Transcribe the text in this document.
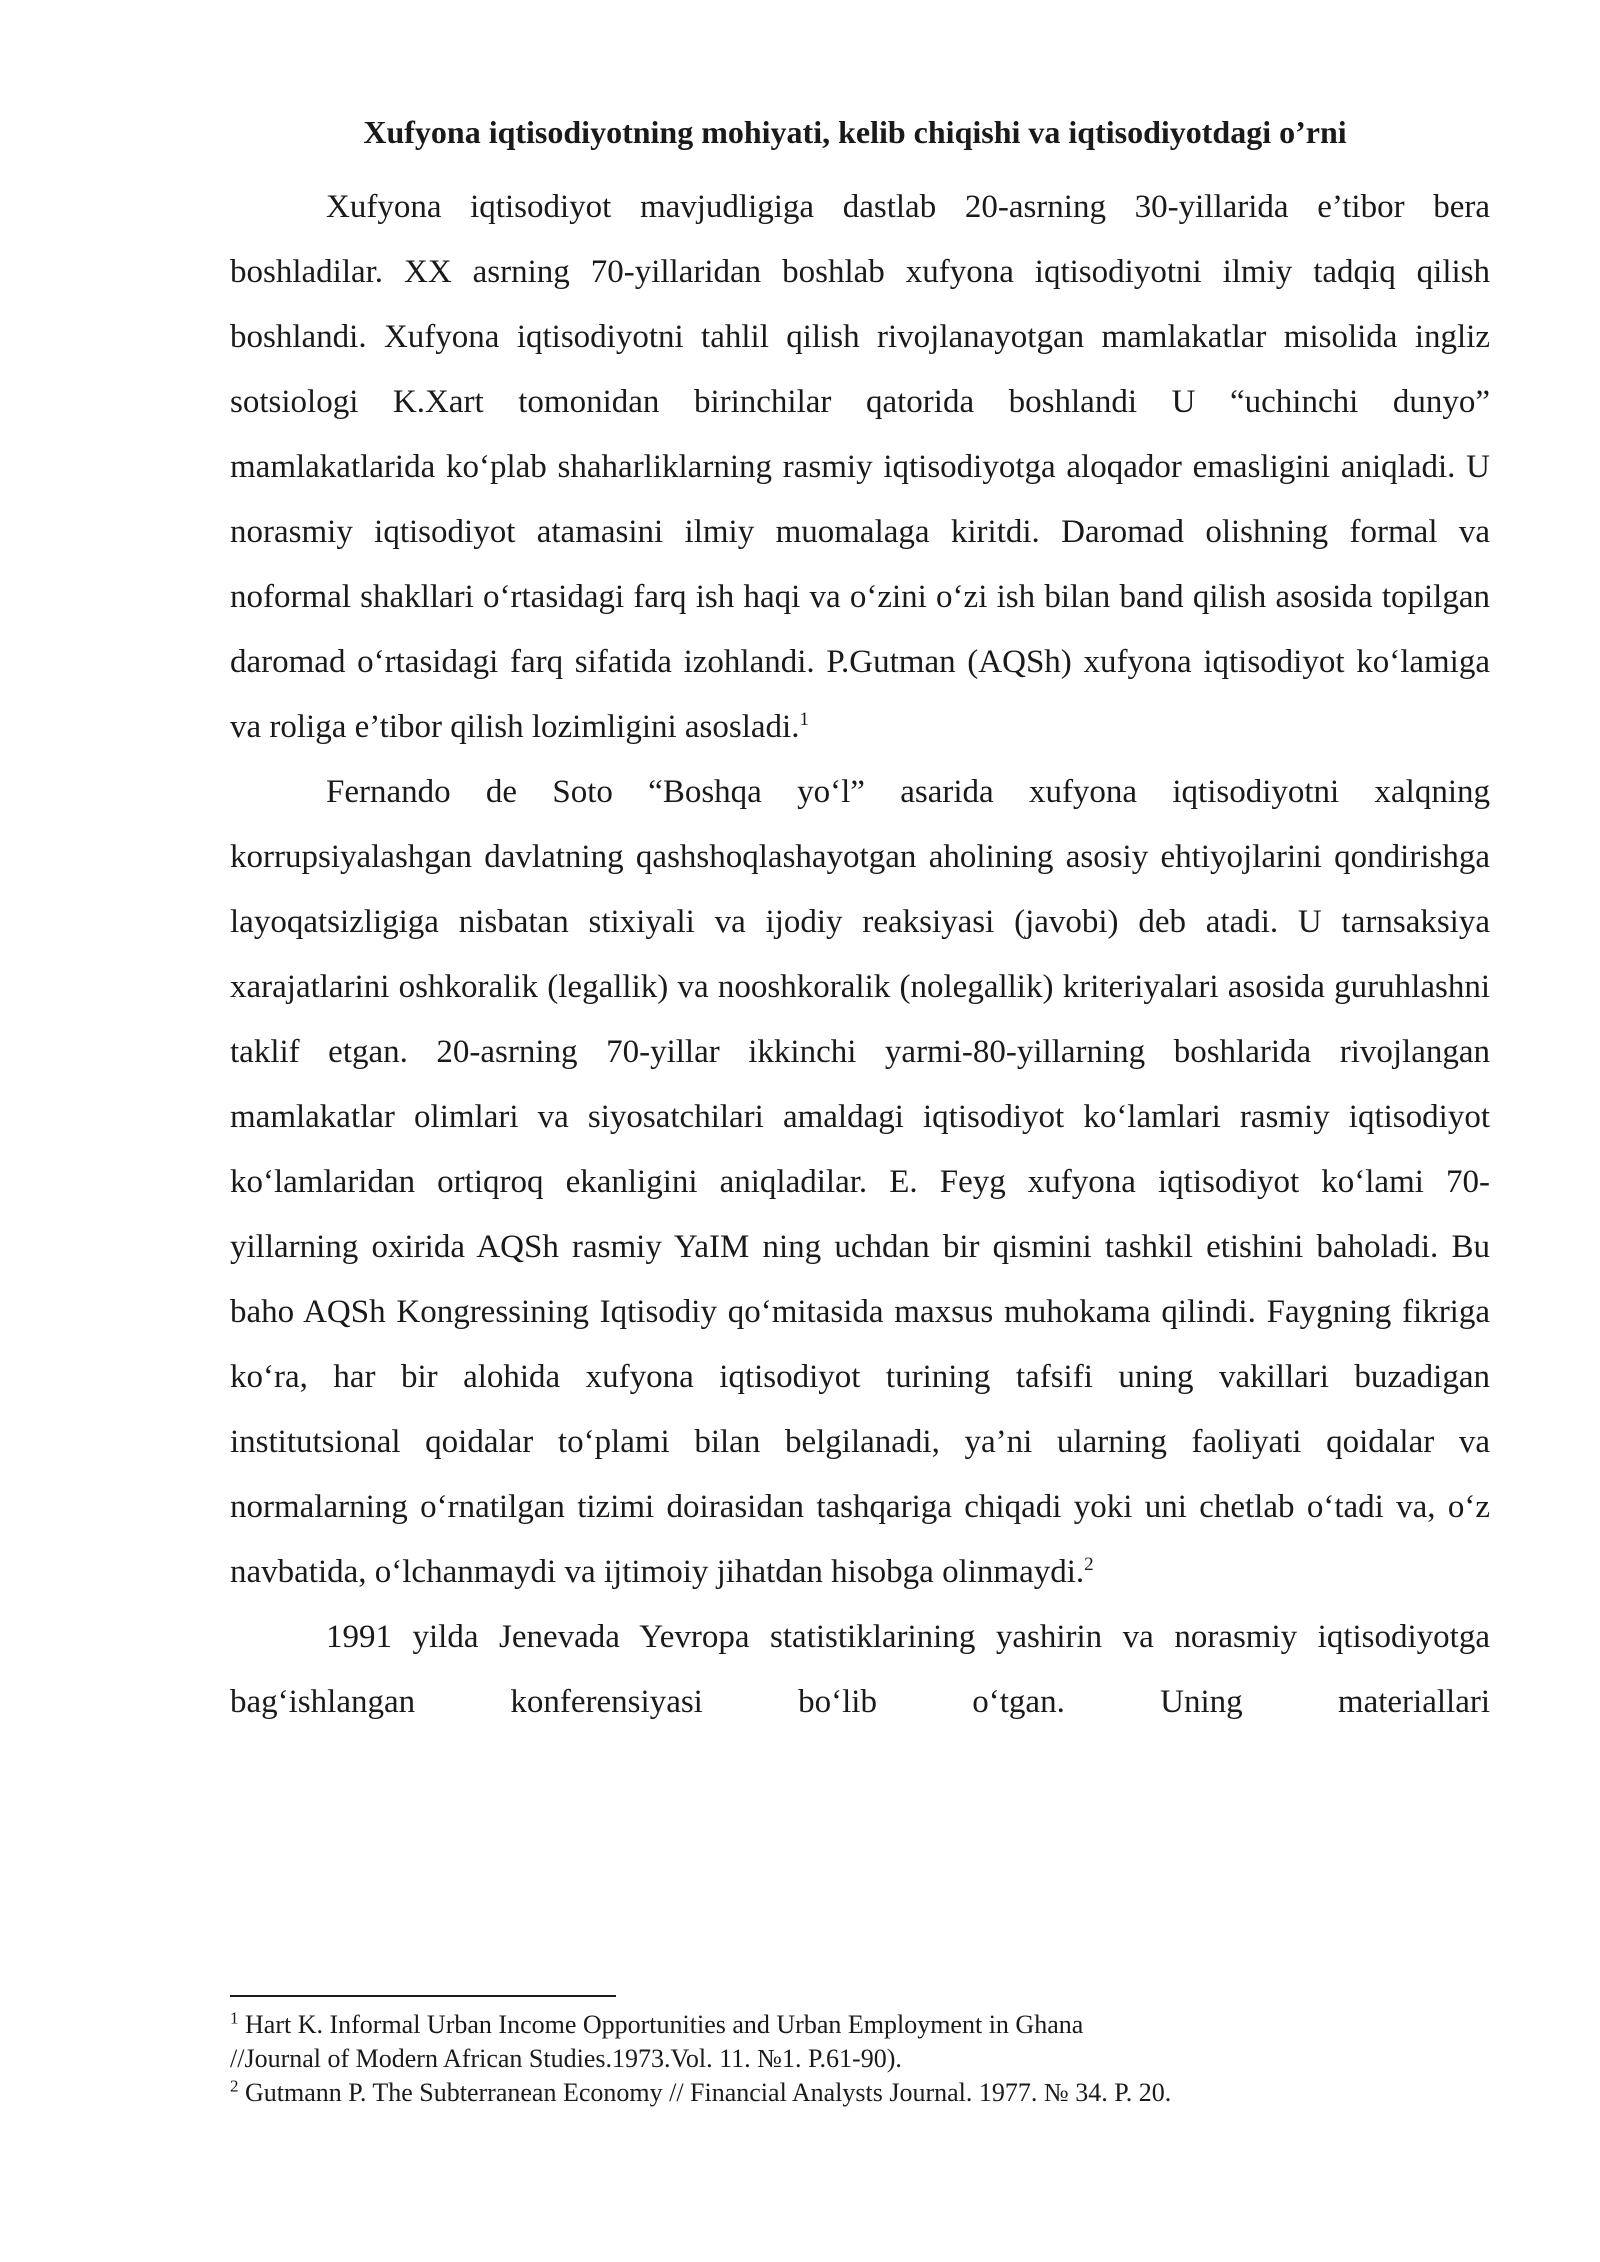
Xufyona iqtisodiyotning mohiyati, kelib chiqishi va iqtisodiyotdagi o’rni

Xufyona iqtisodiyot mavjudligiga dastlab 20-asrning 30-yillarida e’tibor bera boshladilar. XX asrning 70-yillaridan boshlab xufyona iqtisodiyotni ilmiy tadqiq qilish boshlandi. Xufyona iqtisodiyotni tahlil qilish rivojlanayotgan mamlakatlar misolida ingliz sotsiologi K.Xart tomonidan birinchilar qatorida boshlandi U “uchinchi dunyo” mamlakatlarida ko‘plab shaharliklarning rasmiy iqtisodiyotga aloqador emasligini aniqladi. U norasmiy iqtisodiyot atamasini ilmiy muomalaga kiritdi. Daromad olishning formal va noformal shakllari o‘rtasidagi farq ish haqi va o‘zini o‘zi ish bilan band qilish asosida topilgan daromad o‘rtasidagi farq sifatida izohlandi. P.Gutman (AQSh) xufyona iqtisodiyot ko‘lamiga va roliga e’tibor qilish lozimligini asosladi.$^1$

Fernando de Soto “Boshqa yo‘l” asarida xufyona iqtisodiyotni xalqning korrupsiyalashgan davlatning qashshoqlashayotgan aholining asosiy ehtiyojlarini qondirishga layoqatsizligiga nisbatan stixiyali va ijodiy reaksiyasi (javobi) deb atadi. U tarnsaksiya xarajatlarini oshkoralik (legallik) va nooshkoralik (nolegallik) kriteriyalari asosida guruhlashni taklif etgan. 20-asrning 70-yillar ikkinchi yarmi-80-yillarning boshlarida rivojlangan mamlakatlar olimlari va siyosatchilari amaldagi iqtisodiyot ko‘lamlari rasmiy iqtisodiyot ko‘lamlaridan ortiqroq ekanligini aniqladilar. E. Feyg xufyona iqtisodiyot ko‘lami 70- yillarning oxirida AQSh rasmiy YaIM ning uchdan bir qismini tashkil etishini baholadi. Bu baho AQSh Kongressining Iqtisodiy qo‘mitasida maxsus muhokama qilindi. Faygning fikriga ko‘ra, har bir alohida xufyona iqtisodiyot turining tafsifi uning vakillari buzadigan institutsional qoidalar to‘plami bilan belgilanadi, ya’ni ularning faoliyati qoidalar va normalarning o‘rnatilgan tizimi doirasidan tashqariga chiqadi yoki uni chetlab o‘tadi va, o‘z navbatida, o‘lchanmaydi va ijtimoiy jihatdan hisobga olinmaydi.$^2$

1991 yilda Jenevada Yevropa statistiklarining yashirin va norasmiy iqtisodiyotga bag‘ishlangan konferensiyasi bo‘lib o‘tgan. Uning materiallari

$^1$ Hart K. Informal Urban Income Opportunities and Urban Employment in Ghana

//Journal of Modern African Studies.1973.Vol. 11. №1. P.61-90).

$^2$ Gutmann P. The Subterranean Economy // Financial Analysts Journal. 1977. № 34. P. 20.
